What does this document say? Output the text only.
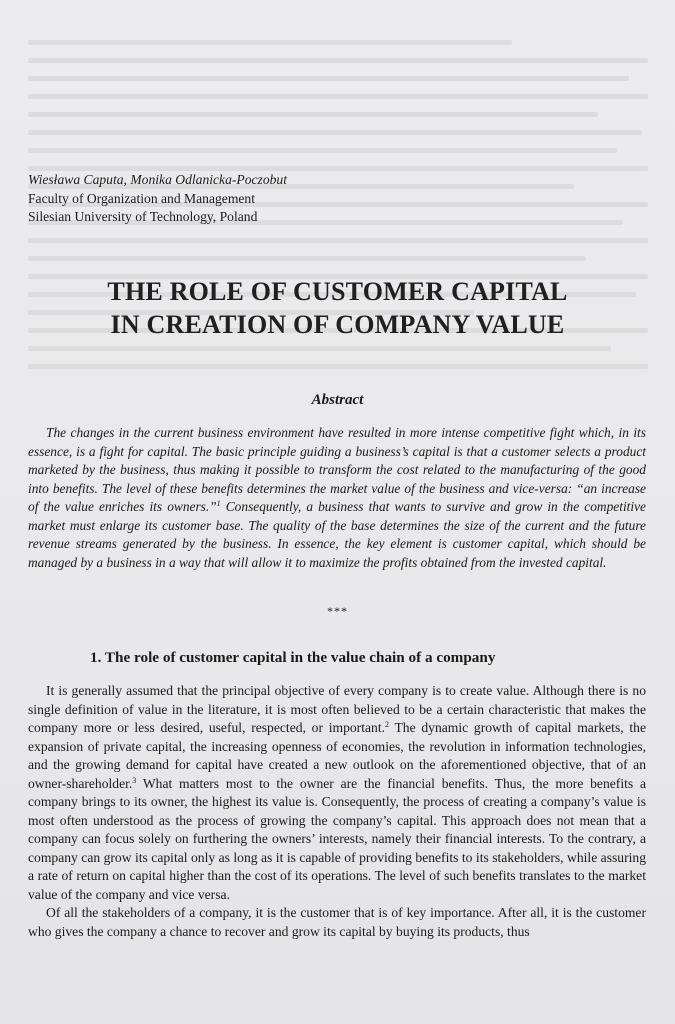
Wiesława Caputa, Monika Odlanicka-Poczobut
Faculty of Organization and Management
Silesian University of Technology, Poland
THE ROLE OF CUSTOMER CAPITAL
IN CREATION OF COMPANY VALUE
Abstract
The changes in the current business environment have resulted in more intense competitive fight which, in its essence, is a fight for capital. The basic principle guiding a business’s capital is that a customer selects a product marketed by the business, thus making it possible to transform the cost related to the manufacturing of the good into benefits. The level of these benefits determines the market value of the business and vice-versa: “an increase of the value enriches its owners.”$^1$ Consequently, a business that wants to survive and grow in the competitive market must enlarge its customer base. The quality of the base determines the size of the current and the future revenue streams generated by the business. In essence, the key element is customer capital, which should be managed by a business in a way that will allow it to maximize the profits obtained from the invested capital.
***
1. The role of customer capital in the value chain of a company

It is generally assumed that the principal objective of every company is to create value. Although there is no single definition of value in the literature, it is most often believed to be a certain characteristic that makes the company more or less desired, useful, respected, or important.$^2$ The dynamic growth of capital markets, the expansion of private capital, the increasing openness of economies, the revolution in information technologies, and the growing demand for capital have created a new outlook on the aforementioned objective, that of an owner-shareholder.$^3$ What matters most to the owner are the financial benefits. Thus, the more benefits a company brings to its owner, the highest its value is. Consequently, the process of creating a company’s value is most often understood as the process of growing the company’s capital. This approach does not mean that a company can focus solely on furthering the owners’ interests, namely their financial interests. To the contrary, a company can grow its capital only as long as it is capable of providing benefits to its stakeholders, while assuring a rate of return on capital higher than the cost of its operations. The level of such benefits translates to the market value of the company and vice versa.

Of all the stakeholders of a company, it is the customer that is of key importance. After all, it is the customer who gives the company a chance to recover and grow its capital by buying its products, thus
